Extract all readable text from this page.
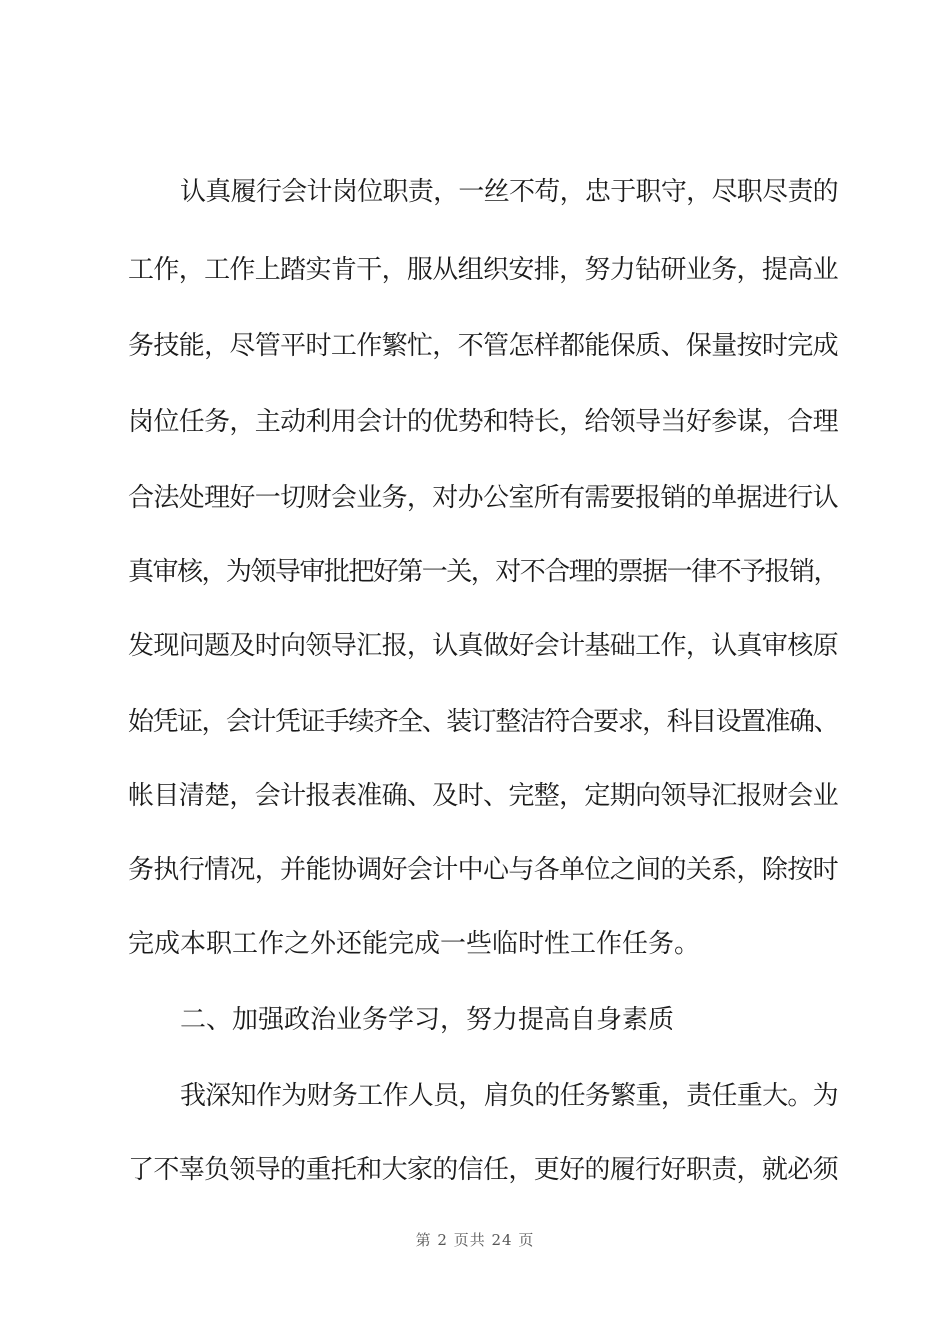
认真履行会计岗位职责，一丝不苟，忠于职守，尽职尽责的
工作，工作上踏实肯干，服从组织安排，努力钻研业务，提高业
务技能，尽管平时工作繁忙，不管怎样都能保质、保量按时完成
岗位任务，主动利用会计的优势和特长，给领导当好参谋，合理
合法处理好一切财会业务，对办公室所有需要报销的单据进行认
真审核，为领导审批把好第一关，对不合理的票据一律不予报销，
发现问题及时向领导汇报，认真做好会计基础工作，认真审核原
始凭证，会计凭证手续齐全、装订整洁符合要求，科目设置准确、
帐目清楚，会计报表准确、及时、完整，定期向领导汇报财会业
务执行情况，并能协调好会计中心与各单位之间的关系，除按时
完成本职工作之外还能完成一些临时性工作任务。
二、加强政治业务学习，努力提高自身素质
我深知作为财务工作人员，肩负的任务繁重，责任重大。为
了不辜负领导的重托和大家的信任，更好的履行好职责，就必须
第 2 页共 24 页
